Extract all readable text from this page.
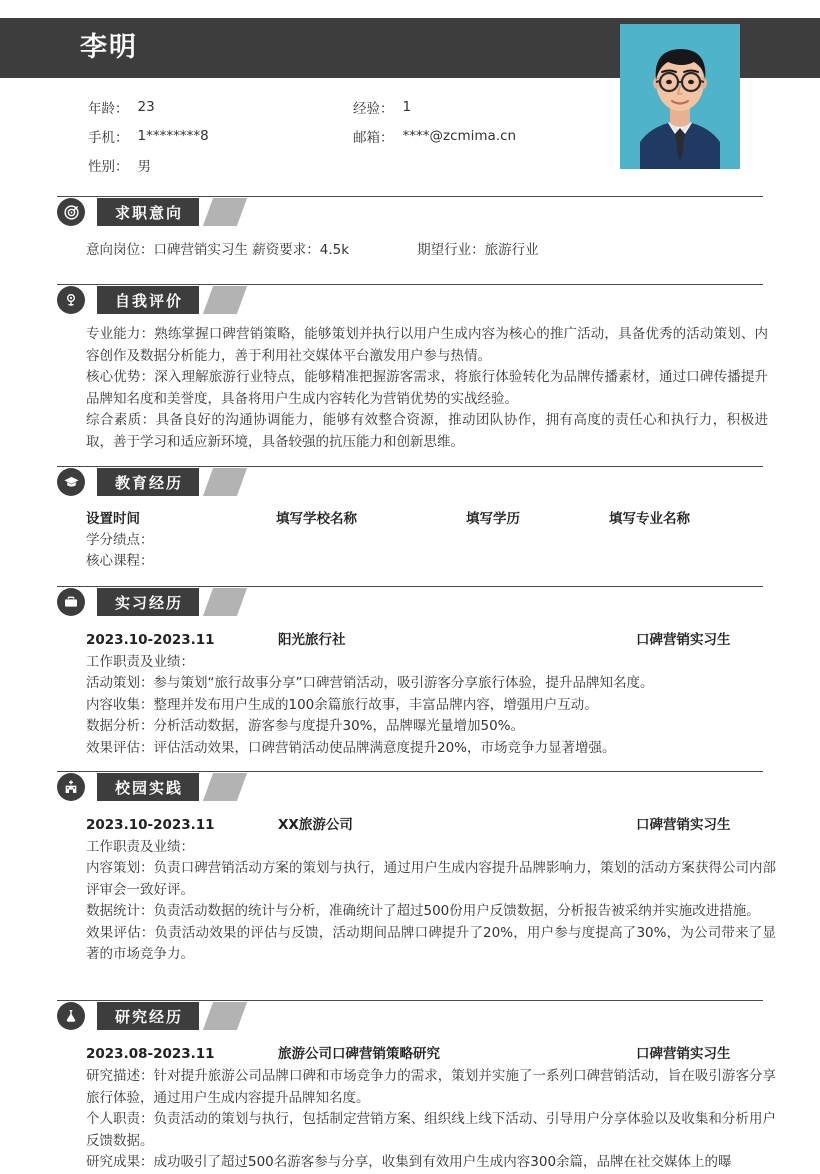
李明
年龄： 23	经验： 1
手机： 1********8	邮箱： ****@zcmima.cn
性别： 男
求职意向
意向岗位：口碑营销实习生 薪资要求：4.5k	期望行业：旅游行业
自我评价
专业能力：熟练掌握口碑营销策略，能够策划并执行以用户生成内容为核心的推广活动，具备优秀的活动策划、内容创作及数据分析能力，善于利用社交媒体平台激发用户参与热情。
核心优势：深入理解旅游行业特点，能够精准把握游客需求，将旅行体验转化为品牌传播素材，通过口碑传播提升品牌知名度和美誉度，具备将用户生成内容转化为营销优势的实战经验。
综合素质：具备良好的沟通协调能力，能够有效整合资源，推动团队协作，拥有高度的责任心和执行力，积极进取，善于学习和适应新环境，具备较强的抗压能力和创新思维。
教育经历
设置时间	填写学校名称	填写学历	填写专业名称
学分绩点：
核心课程：
实习经历
2023.10-2023.11	阳光旅行社	口碑营销实习生
工作职责及业绩：
活动策划：参与策划“旅行故事分享”口碑营销活动，吸引游客分享旅行体验，提升品牌知名度。
内容收集：整理并发布用户生成的100余篇旅行故事，丰富品牌内容，增强用户互动。
数据分析：分析活动数据，游客参与度提升30%，品牌曝光量增加50%。
效果评估：评估活动效果，口碑营销活动使品牌满意度提升20%，市场竞争力显著增强。
校园实践
2023.10-2023.11	XX旅游公司	口碑营销实习生
工作职责及业绩：
内容策划：负责口碑营销活动方案的策划与执行，通过用户生成内容提升品牌影响力，策划的活动方案获得公司内部评审会一致好评。
数据统计：负责活动数据的统计与分析，准确统计了超过500份用户反馈数据，分析报告被采纳并实施改进措施。
效果评估：负责活动效果的评估与反馈，活动期间品牌口碑提升了20%，用户参与度提高了30%，为公司带来了显著的市场竞争力。
研究经历
2023.08-2023.11	旅游公司口碑营销策略研究	口碑营销实习生
研究描述：针对提升旅游公司品牌口碑和市场竞争力的需求，策划并实施了一系列口碑营销活动，旨在吸引游客分享旅行体验，通过用户生成内容提升品牌知名度。
个人职责：负责活动的策划与执行，包括制定营销方案、组织线上线下活动、引导用户分享体验以及收集和分析用户反馈数据。
研究成果：成功吸引了超过500名游客参与分享，收集到有效用户生成内容300余篇，品牌在社交媒体上的曝
